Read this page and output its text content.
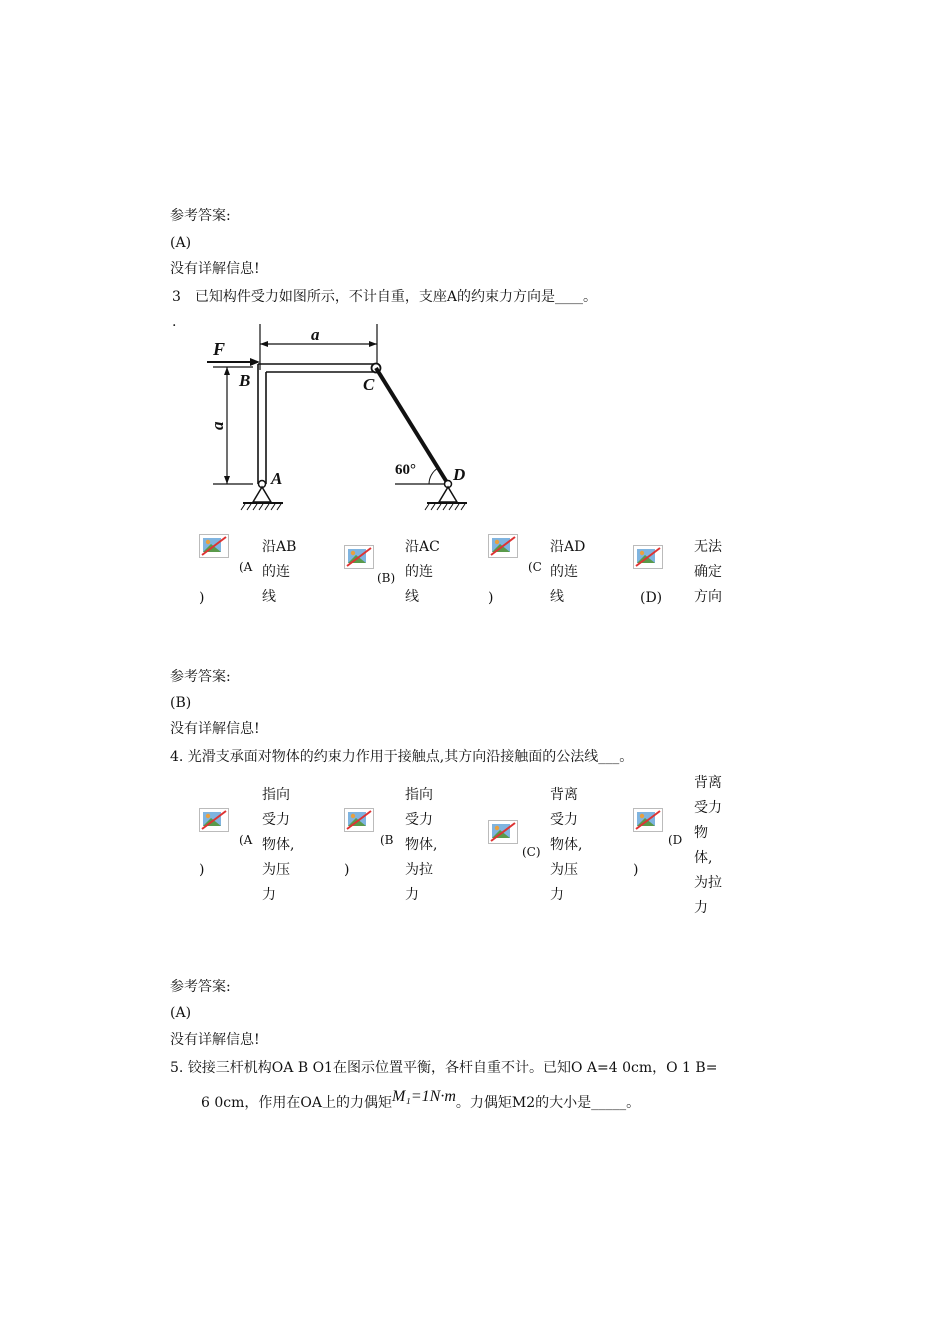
参考答案:
(A)
没有详解信息!
3　已知构件受力如图所示，不计自重，支座A的约束力方向是____。
.
F
a
a
B	C
A	D
60°
(A
)
沿AB
的连
线
(B)
沿AC
的连
线
(C
)
沿AD
的连
线	(D)
无法
确定
方向
参考答案:
(B)
没有详解信息!
4. 光滑支承面对物体的约束力作用于接触点,其方向沿接触面的公法线___。
(A
)
指向
受力
物体,
为压
力
(B
)
指向
受力
物体,
为拉
力
(C)
背离
受力
物体,
为压
力
(D
)
背离
受力
物
体,
为拉
力
参考答案:
(A)
没有详解信息!
5. 铰接三杆机构OA B O1在图示位置平衡，各杆自重不计。已知O A=4 0cm，O 1 B=
6 0cm，作用在OA上的力偶矩M₁=1N·m。力偶矩M2的大小是_____。
